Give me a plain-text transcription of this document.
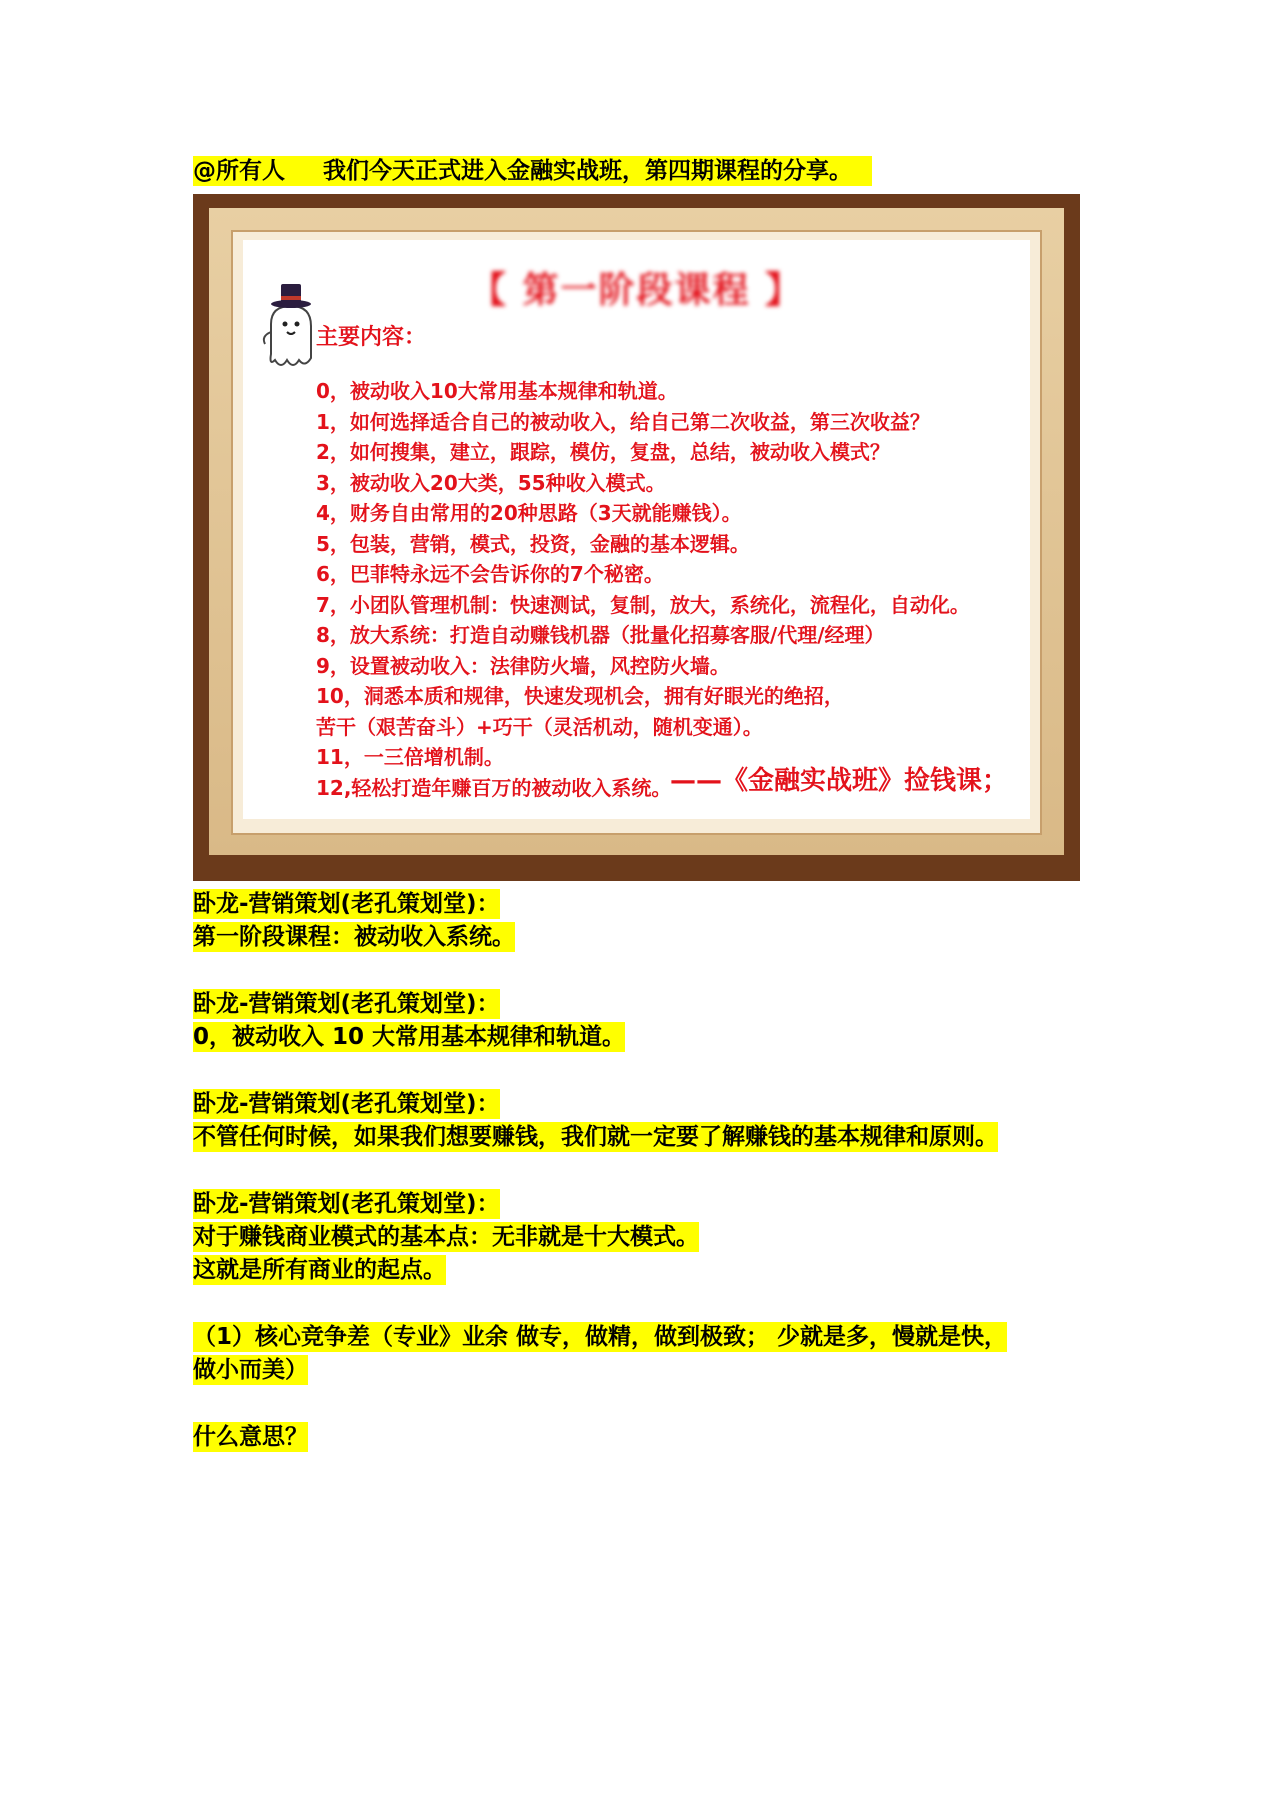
@所有人 我们今天正式进入金融实战班，第四期课程的分享。
【 第一阶段课程 】
主要内容：
0，被动收入10大常用基本规律和轨道。
1，如何选择适合自己的被动收入，给自己第二次收益，第三次收益？
2，如何搜集，建立，跟踪，模仿，复盘，总结，被动收入模式？
3，被动收入20大类，55种收入模式。
4，财务自由常用的20种思路（3天就能赚钱）。
5，包装，营销，模式，投资，金融的基本逻辑。
6，巴菲特永远不会告诉你的7个秘密。
7，小团队管理机制：快速测试，复制，放大，系统化，流程化，自动化。
8，放大系统：打造自动赚钱机器（批量化招募客服/代理/经理）
9，设置被动收入：法律防火墙，风控防火墙。
10，洞悉本质和规律，快速发现机会，拥有好眼光的绝招，
苦干（艰苦奋斗）+巧干（灵活机动，随机变通）。
11，一三倍增机制。
12,轻松打造年赚百万的被动收入系统。
——《金融实战班》捡钱课；
卧龙-营销策划(老孔策划堂)：
第一阶段课程：被动收入系统。
卧龙-营销策划(老孔策划堂)：
0，被动收入 10 大常用基本规律和轨道。
卧龙-营销策划(老孔策划堂)：
不管任何时候，如果我们想要赚钱，我们就一定要了解赚钱的基本规律和原则。
卧龙-营销策划(老孔策划堂)：
对于赚钱商业模式的基本点：无非就是十大模式。
这就是所有商业的起点。
（1）核心竞争差（专业》业余 做专，做精，做到极致； 少就是多，慢就是快，
做小而美）
什么意思？
